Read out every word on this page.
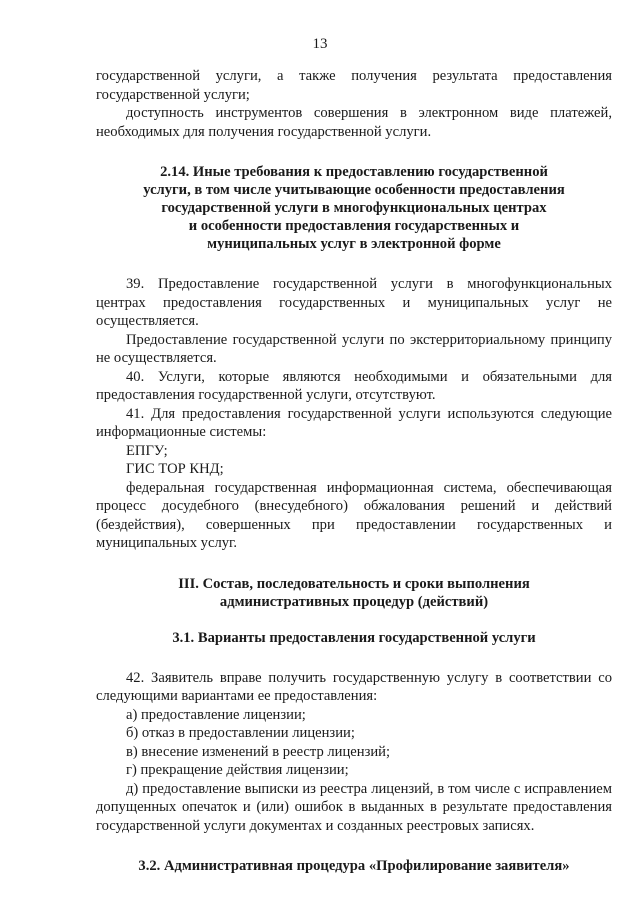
13

государственной услуги, а также получения результата предоставления государственной услуги;

доступность инструментов совершения в электронном виде платежей, необходимых для получения государственной услуги.

2.14. Иные требования к предоставлению государственной
услуги, в том числе учитывающие особенности предоставления
государственной услуги в многофункциональных центрах
и особенности предоставления государственных и
муниципальных услуг в электронной форме

39. Предоставление государственной услуги в многофункциональных центрах предоставления государственных и муниципальных услуг не осуществляется.

Предоставление государственной услуги по экстерриториальному принципу не осуществляется.

40. Услуги, которые являются необходимыми и обязательными для предоставления государственной услуги, отсутствуют.

41. Для предоставления государственной услуги используются следующие информационные системы:

ЕПГУ;

ГИС ТОР КНД;

федеральная государственная информационная система, обеспечивающая процесс досудебного (внесудебного) обжалования решений и действий (бездействия), совершенных при предоставлении государственных и муниципальных услуг.

III. Состав, последовательность и сроки выполнения
административных процедур (действий)
3.1. Варианты предоставления государственной услуги

42. Заявитель вправе получить государственную услугу в соответствии со следующими вариантами ее предоставления:

а) предоставление лицензии;

б) отказ в предоставлении лицензии;

в) внесение изменений в реестр лицензий;

г) прекращение действия лицензии;

д) предоставление выписки из реестра лицензий, в том числе с исправлением допущенных опечаток и (или) ошибок в выданных в результате предоставления государственной услуги документах и созданных реестровых записях.

3.2. Административная процедура «Профилирование заявителя»
